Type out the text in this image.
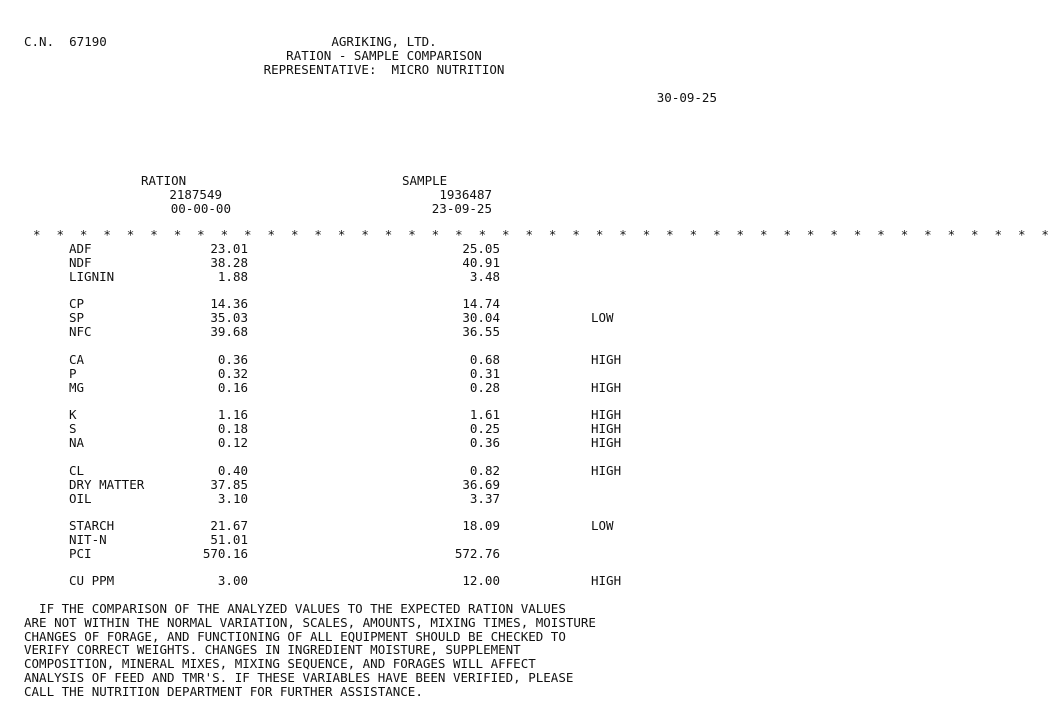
C.N.  67190	AGRIKING, LTD.
RATION - SAMPLE COMPARISON
REPRESENTATIVE:  MICRO NUTRITION
30-09-25
RATION
2187549
00-00-00
SAMPLE
1936487
23-09-25
* * * * * * * * * * * * * * * * * * * * * * * * * * * * * * * * * * * * * * * * * * * *
ADF	23.01	25.05
NDF	38.28	40.91
LIGNIN	1.88	3.48
CP	14.36	14.74
SP	35.03	30.04	LOW
NFC	39.68	36.55
CA	0.36	0.68	HIGH
P	0.32	0.31
MG	0.16	0.28	HIGH
K	1.16	1.61	HIGH
S	0.18	0.25	HIGH
NA	0.12	0.36	HIGH
CL	0.40	0.82	HIGH
DRY MATTER	37.85	36.69
OIL	3.10	3.37
STARCH	21.67	18.09	LOW
NIT-N	51.01
PCI	570.16	572.76
CU PPM	3.00	12.00	HIGH
IF THE COMPARISON OF THE ANALYZED VALUES TO THE EXPECTED RATION VALUES
ARE NOT WITHIN THE NORMAL VARIATION, SCALES, AMOUNTS, MIXING TIMES, MOISTURE
CHANGES OF FORAGE, AND FUNCTIONING OF ALL EQUIPMENT SHOULD BE CHECKED TO
VERIFY CORRECT WEIGHTS. CHANGES IN INGREDIENT MOISTURE, SUPPLEMENT
COMPOSITION, MINERAL MIXES, MIXING SEQUENCE, AND FORAGES WILL AFFECT
ANALYSIS OF FEED AND TMR'S. IF THESE VARIABLES HAVE BEEN VERIFIED, PLEASE
CALL THE NUTRITION DEPARTMENT FOR FURTHER ASSISTANCE.
